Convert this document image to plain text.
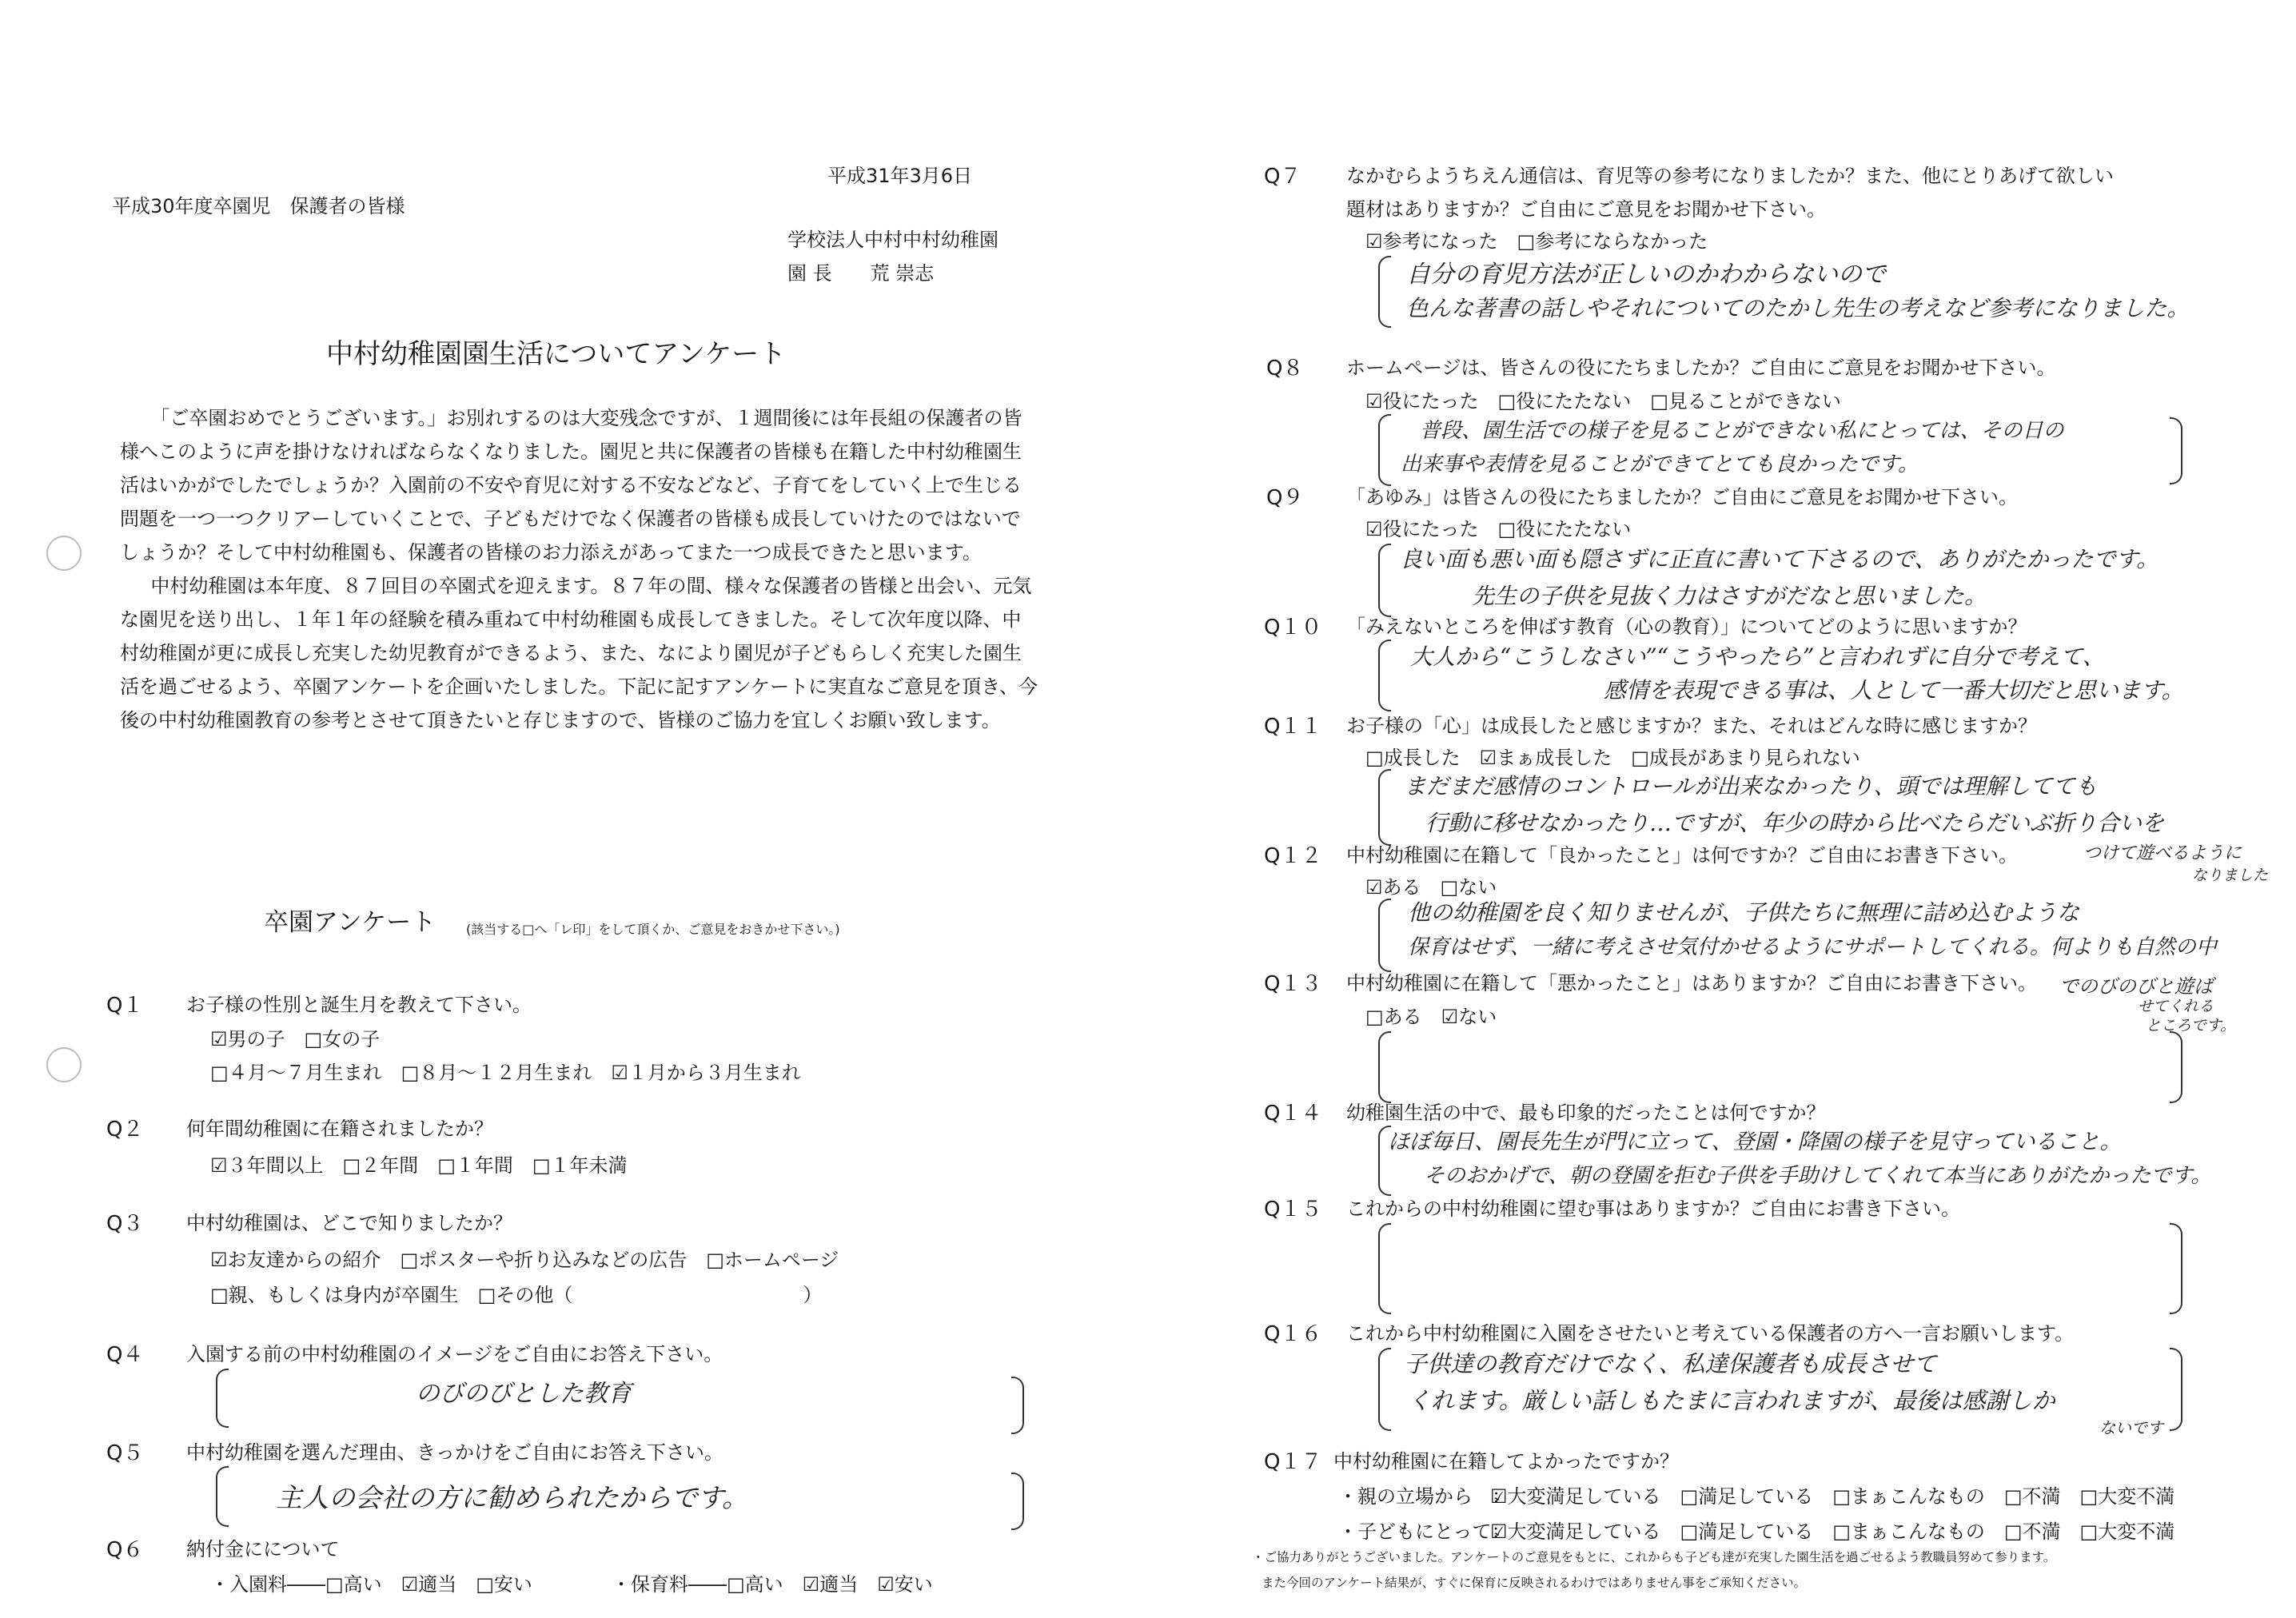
平成31年3月6日
平成30年度卒園児　保護者の皆様
学校法人中村中村幼稚園
園 長　　荒 崇志
中村幼稚園園生活についてアンケート

「ご卒園おめでとうございます。」お別れするのは大変残念ですが、１週間後には年長組の保護者の皆様へこのように声を掛けなければならなくなりました。園児と共に保護者の皆様も在籍した中村幼稚園生活はいかがでしたでしょうか？入園前の不安や育児に対する不安などなど、子育てをしていく上で生じる問題を一つ一つクリアーしていくことで、子どもだけでなく保護者の皆様も成長していけたのではないでしょうか？そして中村幼稚園も、保護者の皆様のお力添えがあってまた一つ成長できたと思います。

中村幼稚園は本年度、８７回目の卒園式を迎えます。８７年の間、様々な保護者の皆様と出会い、元気な園児を送り出し、１年１年の経験を積み重ねて中村幼稚園も成長してきました。そして次年度以降、中村幼稚園が更に成長し充実した幼児教育ができるよう、また、なにより園児が子どもらしく充実した園生活を過ごせるよう、卒園アンケートを企画いたしました。下記に記すアンケートに実直なご意見を頂き、今後の中村幼稚園教育の参考とさせて頂きたいと存じますので、皆様のご協力を宜しくお願い致します。

卒園アンケート (該当する□へ「レ印」をして頂くか、ご意見をおきかせ下さい。)
Q１ お子様の性別と誕生月を教えて下さい。
☑男の子　□女の子
□４月～７月生まれ　□８月～１２月生まれ　☑１月から３月生まれ
Q２ 何年間幼稚園に在籍されましたか？
☑３年間以上　□２年間　□１年間　□１年未満
Q３ 中村幼稚園は、どこで知りましたか？
☑お友達からの紹介　□ポスターや折り込みなどの広告　□ホームページ
□親、もしくは身内が卒園生　□その他（　　　　　　　　　　　　）
Q４ 入園する前の中村幼稚園のイメージをご自由にお答え下さい。
のびのびとした教育
Q５ 中村幼稚園を選んだ理由、きっかけをご自由にお答え下さい。
主人の会社の方に勧められたからです。
Q６ 納付金にについて
・入園料――□高い　☑適当　□安い	・保育料――□高い　☑適当　☑安い
Q７ なかむらようちえん通信は、育児等の参考になりましたか？また、他にとりあげて欲しい
題材はありますか？ご自由にご意見をお聞かせ下さい。
☑参考になった　□参考にならなかった
自分の育児方法が正しいのかわからないので
色んな著書の話しやそれについてのたかし先生の考えなど参考になりました。
Q８ ホームページは、皆さんの役にたちましたか？ご自由にご意見をお聞かせ下さい。
☑役にたった　□役にたたない　□見ることができない
普段、園生活での様子を見ることができない私にとっては、その日の
出来事や表情を見ることができてとても良かったです。
Q９ 「あゆみ」は皆さんの役にたちましたか？ご自由にご意見をお聞かせ下さい。
☑役にたった　□役にたたない
良い面も悪い面も隠さずに正直に書いて下さるので、ありがたかったです。
先生の子供を見抜く力はさすがだなと思いました。
Q１０ 「みえないところを伸ばす教育（心の教育）」についてどのように思いますか？
大人から“こうしなさい”“こうやったら”と言われずに自分で考えて、
感情を表現できる事は、人として一番大切だと思います。
Q１１ お子様の「心」は成長したと感じますか？また、それはどんな時に感じますか？
□成長した　☑まぁ成長した　□成長があまり見られない
まだまだ感情のコントロールが出来なかったり、頭では理解してても
行動に移せなかったり…ですが、年少の時から比べたらだいぶ折り合いを
つけて遊べるように
なりました
Q１２ 中村幼稚園に在籍して「良かったこと」は何ですか？ご自由にお書き下さい。
☑ある　□ない
他の幼稚園を良く知りませんが、子供たちに無理に詰め込むような
保育はせず、一緒に考えさせ気付かせるようにサポートしてくれる。何よりも自然の中
でのびのびと遊ば
せてくれる
ところです。
Q１３ 中村幼稚園に在籍して「悪かったこと」はありますか？ご自由にお書き下さい。
□ある　☑ない
Q１４ 幼稚園生活の中で、最も印象的だったことは何ですか？
ほぼ毎日、園長先生が門に立って、登園・降園の様子を見守っていること。
そのおかげで、朝の登園を拒む子供を手助けしてくれて本当にありがたかったです。
Q１５ これからの中村幼稚園に望む事はありますか？ご自由にお書き下さい。
Q１６ これから中村幼稚園に入園をさせたいと考えている保護者の方へ一言お願いします。
子供達の教育だけでなく、私達保護者も成長させて
くれます。厳しい話しもたまに言われますが、最後は感謝しか
ないです
Q１７ 中村幼稚園に在籍してよかったですか？
・親の立場から　：
☑大変満足している　□満足している　□まぁこんなもの　□不満　□大変不満
・子どもにとって：
☑大変満足している　□満足している　□まぁこんなもの　□不満　□大変不満
・ご協力ありがとうございました。アンケートのご意見をもとに、これからも子ども達が充実した園生活を過ごせるよう教職員努めて参ります。
また今回のアンケート結果が、すぐに保育に反映されるわけではありません事をご承知ください。
